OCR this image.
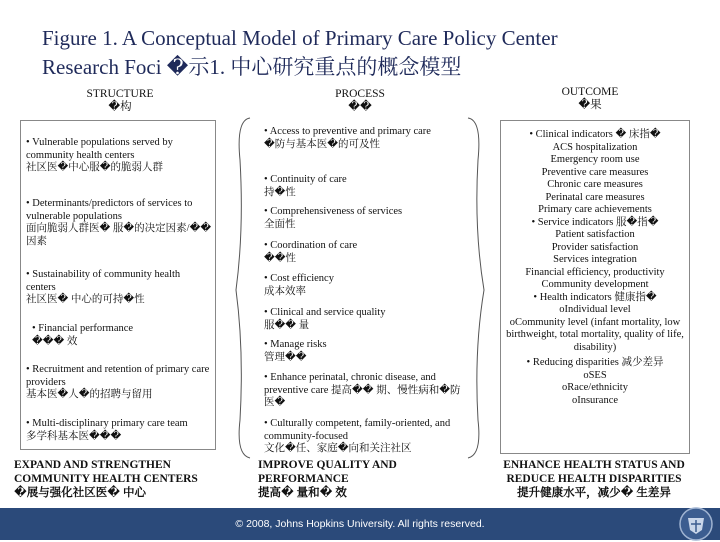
Figure 1. A Conceptual Model of Primary Care Policy Center
Research Foci �示1. 中心研究重点的概念模型
STRUCTURE
�构
• Vulnerable populations served by community health centers
社区医�中心服�的脆弱人群
• Determinants/predictors of services to vulnerable populations
面向脆弱人群医� 服�的决定因素/�� 因素
• Sustainability of community health centers
社区医� 中心的可持�性
• Financial performance
��� 效
• Recruitment and retention of primary care providers
基本医�人�的招聘与留用
• Multi-disciplinary primary care team
多学科基本医���
EXPAND AND STRENGTHEN COMMUNITY HEALTH CENTERS
�展与强化社区医� 中心
PROCESS
��
• Access to preventive and primary care
�防与基本医�的可及性
• Continuity of care
持�性
• Comprehensiveness of services
全面性
• Coordination of care
��性
• Cost efficiency
成本效率
• Clinical and service quality
服�� 量
• Manage risks
管理��
• Enhance perinatal, chronic disease, and preventive care 提高�� 期、慢性病和�防医�
• Culturally competent, family-oriented, and community-focused
文化�任、家庭�向和关注社区
IMPROVE QUALITY AND PERFORMANCE
提高� 量和� 效
OUTCOME
�果
• Clinical indicators � 床指�
ACS hospitalization
Emergency room use
Preventive care measures
Chronic care measures
Perinatal care measures
Primary care achievements
• Service indicators 服�指�
Patient satisfaction
Provider satisfaction
Services integration
Financial efficiency, productivity
Community development
• Health indicators 健康指�
oIndividual level
oCommunity level (infant mortality, low birthweight, total mortality, quality of life, disability)
• Reducing disparities 减少差异
oSES
oRace/ethnicity
oInsurance
ENHANCE HEALTH STATUS AND REDUCE HEALTH DISPARITIES
提升健康水平，减少� 生差异
© 2008, Johns Hopkins University. All rights reserved.
